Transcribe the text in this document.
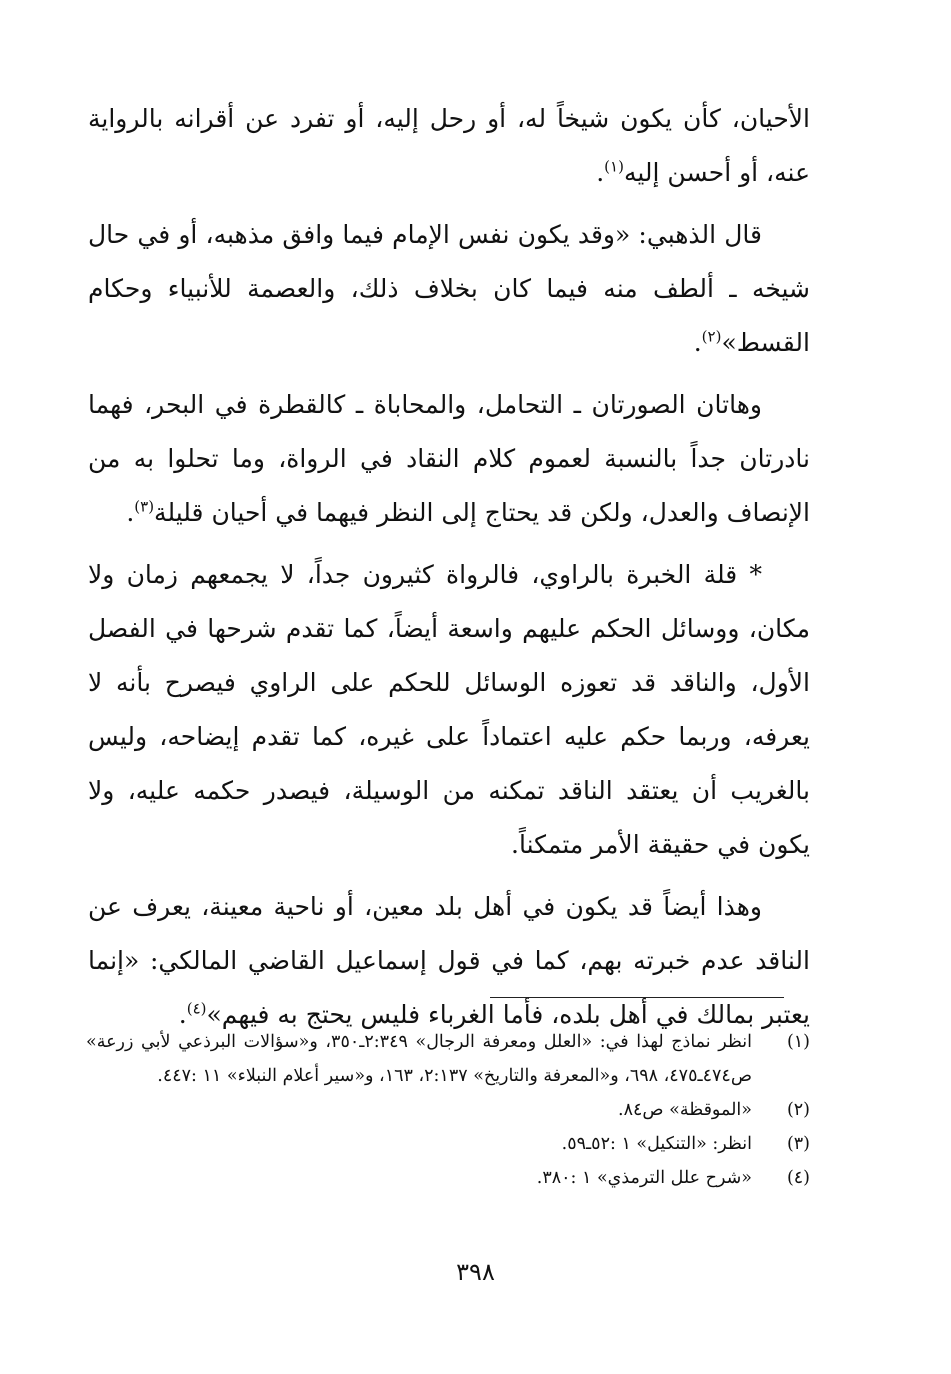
الأحيان، كأن يكون شيخاً له، أو رحل إليه، أو تفرد عن أقرانه بالرواية عنه، أو أحسن إليه$^{(١)}$.

قال الذهبي: «وقد يكون نفس الإمام فيما وافق مذهبه، أو في حال شيخه ـ ألطف منه فيما كان بخلاف ذلك، والعصمة للأنبياء وحكام القسط»$^{(٢)}$.

وهاتان الصورتان ـ التحامل، والمحاباة ـ كالقطرة في البحر، فهما نادرتان جداً بالنسبة لعموم كلام النقاد في الرواة، وما تحلوا به من الإنصاف والعدل، ولكن قد يحتاج إلى النظر فيهما في أحيان قليلة$^{(٣)}$.

* قلة الخبرة بالراوي، فالرواة كثيرون جداً، لا يجمعهم زمان ولا مكان، ووسائل الحكم عليهم واسعة أيضاً، كما تقدم شرحها في الفصل الأول، والناقد قد تعوزه الوسائل للحكم على الراوي فيصرح بأنه لا يعرفه، وربما حكم عليه اعتماداً على غيره، كما تقدم إيضاحه، وليس بالغريب أن يعتقد الناقد تمكنه من الوسيلة، فيصدر حكمه عليه، ولا يكون في حقيقة الأمر متمكناً.

وهذا أيضاً قد يكون في أهل بلد معين، أو ناحية معينة، يعرف عن الناقد عدم خبرته بهم، كما في قول إسماعيل القاضي المالكي: «إنما يعتبر بمالك في أهل بلده، فأما الغرباء فليس يحتج به فيهم»$^{(٤)}$.

(١)
انظر نماذج لهذا في: «العلل ومعرفة الرجال» ٢:٣٤٩ـ٣٥٠، و«سؤالات البرذعي لأبي زرعة» ص٤٧٤ـ٤٧٥، ٦٩٨، و«المعرفة والتاريخ» ٢:١٣٧، ١٦٣، و«سير أعلام النبلاء» ١١ :٤٤٧.
(٢)
«الموقظة» ص٨٤.
(٣)
انظر: «التنكيل» ١ :٥٢ـ٥٩.
(٤)
«شرح علل الترمذي» ١ :٣٨٠.
٣٩٨
